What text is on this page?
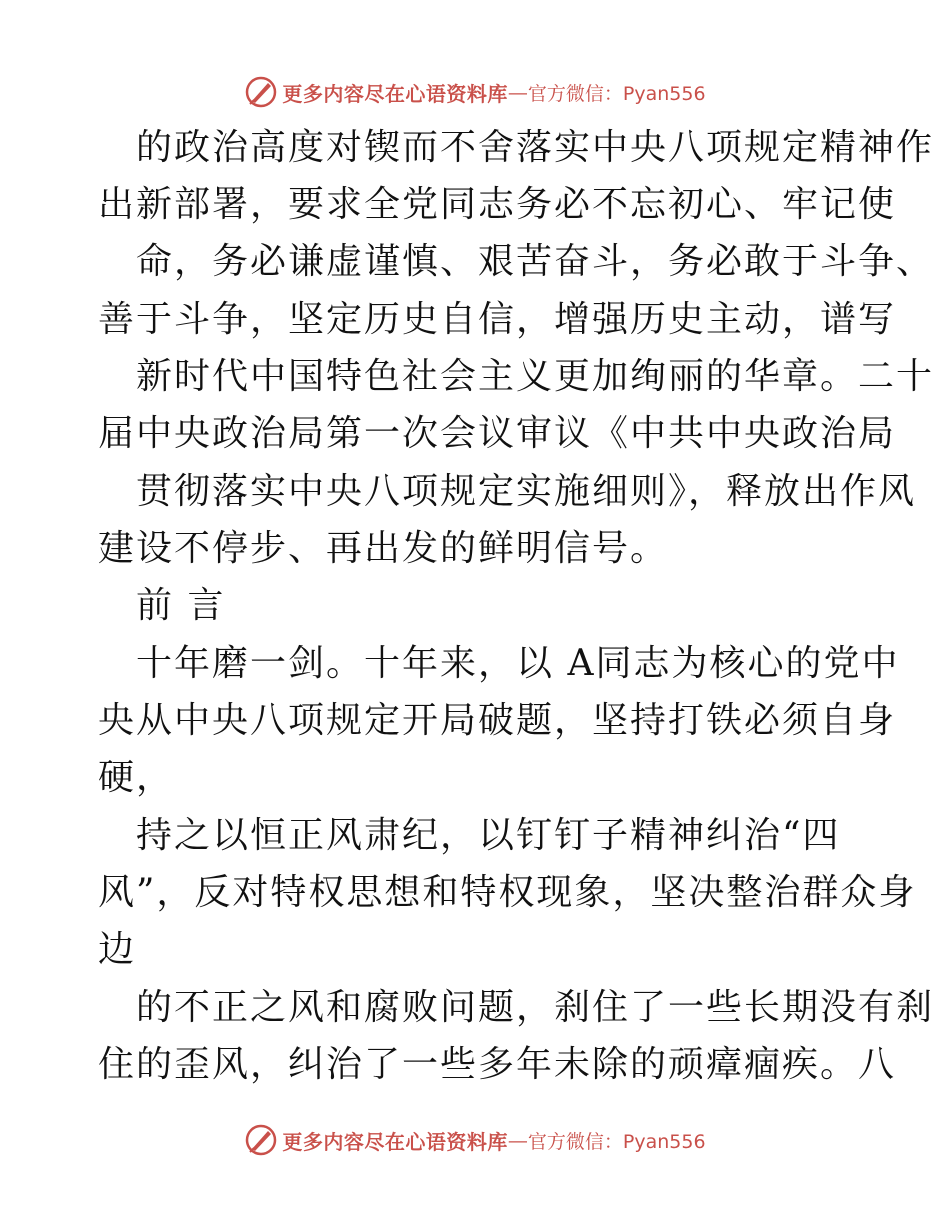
更多内容尽在心语资料库 — 官方微信：Pyan556
的政治高度对锲而不舍落实中央八项规定精神作
出新部署，要求全党同志务必不忘初心、牢记使
命，务必谦虚谨慎、艰苦奋斗，务必敢于斗争、
善于斗争，坚定历史自信，增强历史主动，谱写
新时代中国特色社会主义更加绚丽的华章。二十
届中央政治局第一次会议审议《中共中央政治局
贯彻落实中央八项规定实施细则》，释放出作风
建设不停步、再出发的鲜明信号。
前 言
十年磨一剑。十年来，以 A同志为核心的党中
央从中央八项规定开局破题，坚持打铁必须自身
硬，
持之以恒正风肃纪，以钉钉子精神纠治“四
风”，反对特权思想和特权现象，坚决整治群众身
边
的不正之风和腐败问题，刹住了一些长期没有刹
住的歪风，纠治了一些多年未除的顽瘴痼疾。八
更多内容尽在心语资料库 — 官方微信：Pyan556
